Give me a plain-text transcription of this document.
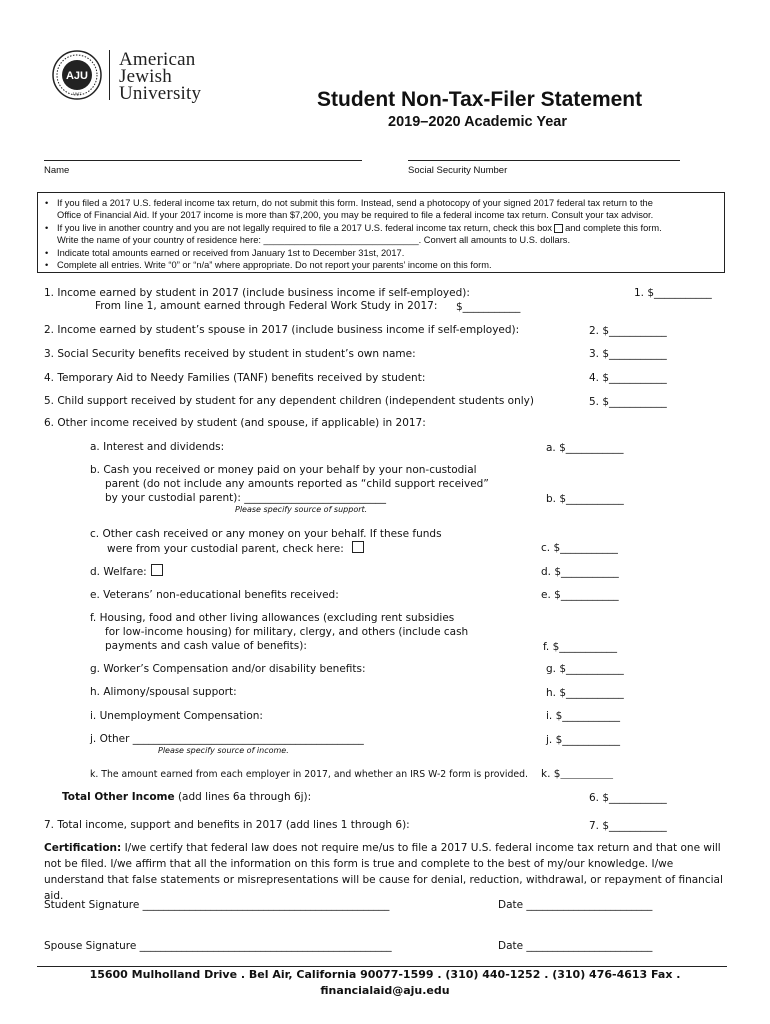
AJU
1947
American
Jewish
University	Student Non-Tax-Filer Statement
2019–2020 Academic Year
Name	Social Security Number
• If you filed a 2017 U.S. federal income tax return, do not submit this form. Instead, send a photocopy of your signed 2017 federal tax return to the
Office of Financial Aid. If your 2017 income is more than $7,200, you may be required to file a federal income tax return. Consult your tax advisor.
• If you live in another country and you are not legally required to file a 2017 U.S. federal income tax return, check this box and complete this form.
Write the name of your country of residence here: ______________________________. Convert all amounts to U.S. dollars.
• Indicate total amounts earned or received from January 1st to December 31st, 2017.
• Complete all entries. Write “0” or “n/a” where appropriate. Do not report your parents’ income on this form.
1. Income earned by student in 2017 (include business income if self-employed):	1. $___________
From line 1, amount earned through Federal Work Study in 2017: $___________
2. Income earned by student’s spouse in 2017 (include business income if self-employed):	2. $___________
3. Social Security benefits received by student in student’s own name:	3. $___________
4. Temporary Aid to Needy Families (TANF) benefits received by student:	4. $___________
5. Child support received by student for any dependent children (independent students only)	5. $___________
6. Other income received by student (and spouse, if applicable) in 2017:
a. Interest and dividends:	a. $___________
b. Cash you received or money paid on your behalf by your non-custodial
parent (do not include any amounts reported as “child support received”
by your custodial parent): ___________________________	b. $___________
Please specify source of support.
c. Other cash received or any money on your behalf. If these funds
were from your custodial parent, check here:	c. $___________
d. Welfare:	d. $___________
e. Veterans’ non-educational benefits received:	e. $___________
f. Housing, food and other living allowances (excluding rent subsidies
for low-income housing) for military, clergy, and others (include cash
payments and cash value of benefits):	f. $___________
g. Worker’s Compensation and/or disability benefits:	g. $___________
h. Alimony/spousal support:	h. $___________
i. Unemployment Compensation:	i. $___________
j. Other ____________________________________________	j. $___________
Please specify source of income.
k. The amount earned from each employer in 2017, and whether an IRS W-2 form is provided. k. $_______________
Total Other Income (add lines 6a through 6j):	6. $___________
7. Total income, support and benefits in 2017 (add lines 1 through 6):	7. $___________
Certification: I/we certify that federal law does not require me/us to file a 2017 U.S. federal income tax return and that one will not be filed. I/we affirm that all the information on this form is true and complete to the best of my/our knowledge. I/we understand that false statements or misrepresentations will be cause for denial, reduction, withdrawal, or repayment of financial aid.
Student Signature _______________________________________________	Date ________________________
Spouse Signature ________________________________________________	Date ________________________
15600 Mulholland Drive . Bel Air, California 90077-1599 . (310) 440-1252 . (310) 476-4613 Fax .
financialaid@aju.edu
